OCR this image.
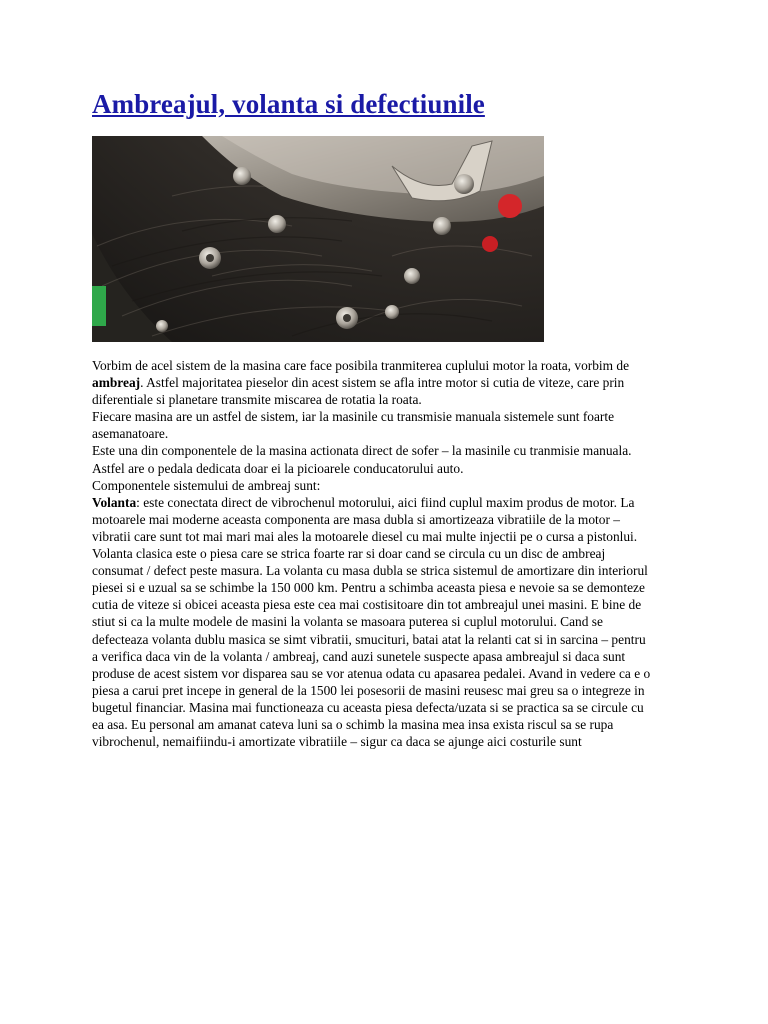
Ambreajul, volanta si defectiunile

Vorbim de acel sistem de la masina care face posibila tranmiterea cuplului motor la roata, vorbim de ambreaj. Astfel majoritatea pieselor din acest sistem se afla intre motor si cutia de viteze, care prin diferentiale si planetare transmite miscarea de rotatia la roata.

Fiecare masina are un astfel de sistem, iar la masinile cu transmisie manuala sistemele sunt foarte asemanatoare.

Este una din componentele de la masina actionata direct de sofer – la masinile cu tranmisie manuala. Astfel are o pedala dedicata doar ei la picioarele conducatorului auto.

Componentele sistemului de ambreaj sunt:

Volanta: este conectata direct de vibrochenul motorului, aici fiind cuplul maxim produs de motor. La motoarele mai moderne aceasta componenta are masa dubla si amortizeaza vibratiile de la motor – vibratii care sunt tot mai mari mai ales la motoarele diesel cu mai multe injectii pe o cursa a pistonlui. Volanta clasica este o piesa care se strica foarte rar si doar cand se circula cu un disc de ambreaj consumat / defect peste masura. La volanta cu masa dubla se strica sistemul de amortizare din interiorul piesei si e uzual sa se schimbe la 150 000 km. Pentru a schimba aceasta piesa e nevoie sa se demonteze cutia de viteze si obicei aceasta piesa este cea mai costisitoare din tot ambreajul unei masini. E bine de stiut si ca la multe modele de masini la volanta se masoara puterea si cuplul motorului. Cand se defecteaza volanta dublu masica se simt vibratii, smucituri, batai atat la relanti cat si in sarcina – pentru a verifica daca vin de la volanta / ambreaj, cand auzi sunetele suspecte apasa ambreajul si daca sunt produse de acest sistem vor disparea sau se vor atenua odata cu apasarea pedalei. Avand in vedere ca e o piesa a carui pret incepe in general de la 1500 lei posesorii de masini reusesc mai greu sa o integreze in bugetul financiar. Masina mai functioneaza cu aceasta piesa defecta/uzata si se practica sa se circule cu ea asa. Eu personal am amanat cateva luni sa o schimb la masina mea insa exista riscul sa se rupa vibrochenul, nemaifiindu-i amortizate vibratiile – sigur ca daca se ajunge aici costurile sunt
